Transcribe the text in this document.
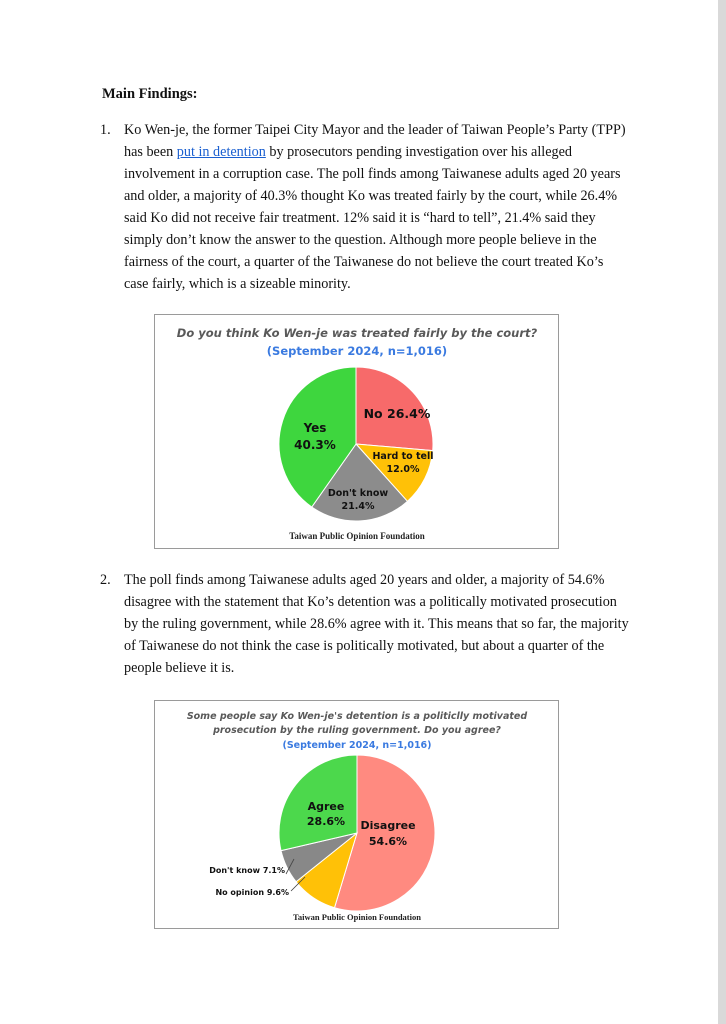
Main Findings:
1. Ko Wen-je, the former Taipei City Mayor and the leader of Taiwan People’s Party (TPP) has been put in detention by prosecutors pending investigation over his alleged involvement in a corruption case. The poll finds among Taiwanese adults aged 20 years and older, a majority of 40.3% thought Ko was treated fairly by the court, while 26.4% said Ko did not receive fair treatment. 12% said it is “hard to tell”, 21.4% said they simply don’t know the answer to the question. Although more people believe in the fairness of the court, a quarter of the Taiwanese do not believe the court treated Ko’s case fairly, which is a sizeable minority.
Do you think Ko Wen-je was treated fairly by the court?
(September 2024, n=1,016)
No 26.4%
Hard to tell
12.0%
Don't know
21.4%
Yes
40.3%
Taiwan Public Opinion Foundation
2. The poll finds among Taiwanese adults aged 20 years and older, a majority of 54.6% disagree with the statement that Ko’s detention was a politically motivated prosecution by the ruling government, while 28.6% agree with it. This means that so far, the majority of Taiwanese do not think the case is politically motivated, but about a quarter of the people believe it is.
Some people say Ko Wen-je's detention is a politiclly motivated
prosecution by the ruling government. Do you agree?
(September 2024, n=1,016)
Disagree
54.6%
Agree
28.6%
Don't know 7.1%
No opinion 9.6%
Taiwan Public Opinion Foundation
